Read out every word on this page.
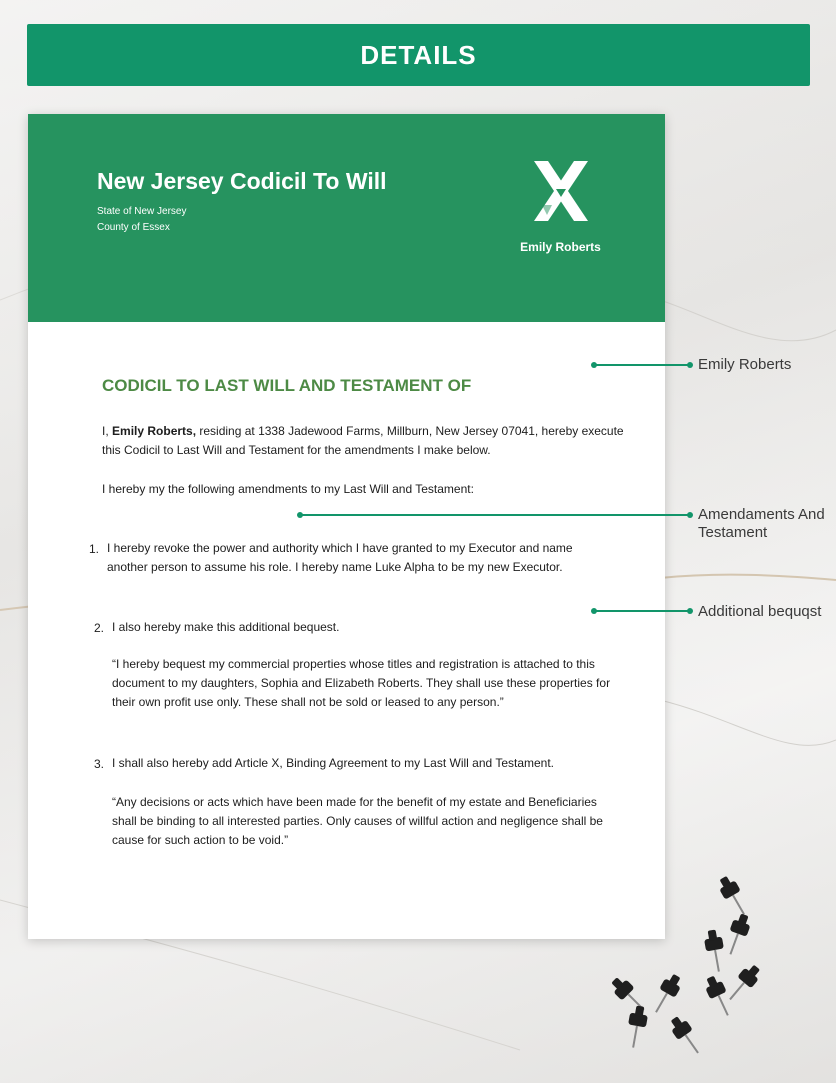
DETAILS
New Jersey Codicil To Will
State of New Jersey
County of Essex
Emily Roberts
CODICIL TO LAST WILL AND TESTAMENT OF
I, Emily Roberts, residing at 1338 Jadewood Farms, Millburn, New Jersey 07041, hereby execute
this Codicil to Last Will and Testament for the amendments I make below.
I hereby my the following amendments to my Last Will and Testament:
1. I hereby revoke the power and authority which I have granted to my Executor and name
another person to assume his role. I hereby name Luke Alpha to be my new Executor.
2. I also hereby make this additional bequest.
“I hereby bequest my commercial properties whose titles and registration is attached to this
document to my daughters, Sophia and Elizabeth Roberts. They shall use these properties for
their own profit use only. These shall not be sold or leased to any person.”
3. I shall also hereby add Article X, Binding Agreement to my Last Will and Testament.
“Any decisions or acts which have been made for the benefit of my estate and Beneficiaries
shall be binding to all interested parties. Only causes of willful action and negligence shall be
cause for such action to be void.”
Emily Roberts
Amendaments And
Testament
Additional bequqst
